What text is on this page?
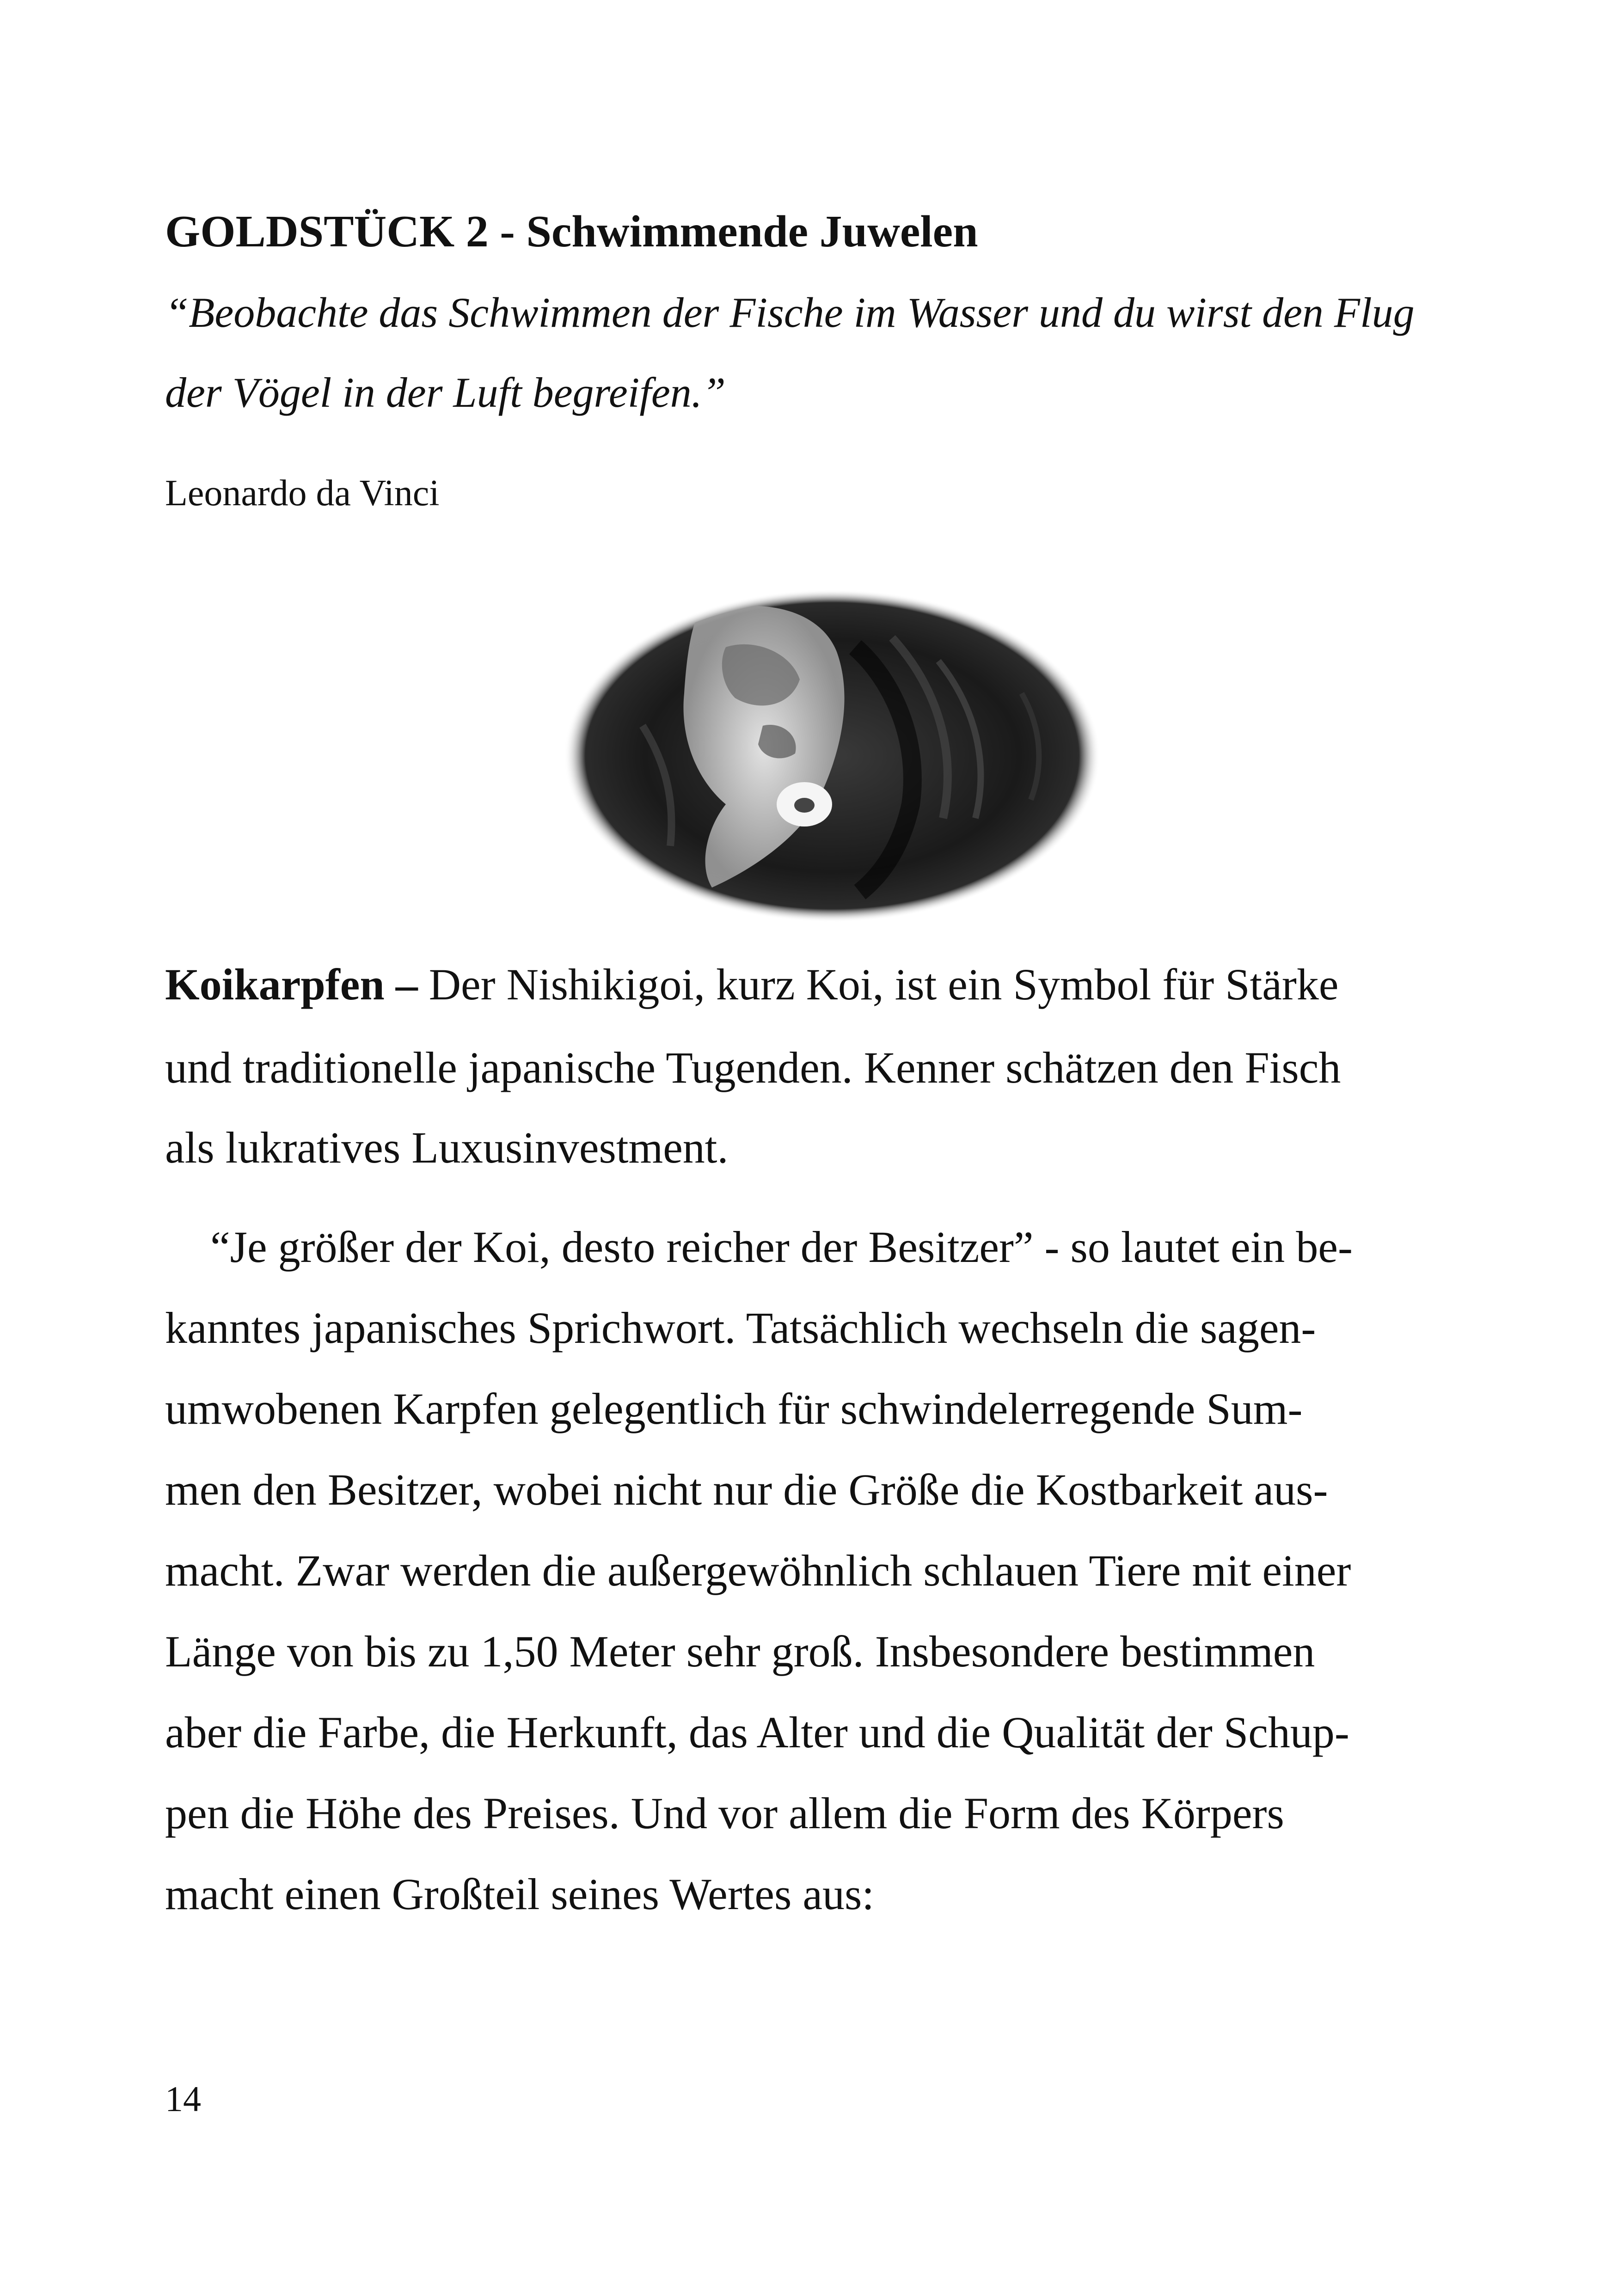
GOLDSTÜCK 2 - Schwimmende Juwelen
“Beobachte das Schwimmen der Fische im Wasser und du wirst den Flug
der Vögel in der Luft begreifen.”
Leonardo da Vinci
Koikarpfen – Der Nishikigoi, kurz Koi, ist ein Symbol für Stärke
und traditionelle japanische Tugenden. Kenner schätzen den Fisch
als lukratives Luxusinvestment.
“Je größer der Koi, desto reicher der Besitzer” - so lautet ein be-
kanntes japanisches Sprichwort. Tatsächlich wechseln die sagen-
umwobenen Karpfen gelegentlich für schwindelerregende Sum-
men den Besitzer, wobei nicht nur die Größe die Kostbarkeit aus-
macht. Zwar werden die außergewöhnlich schlauen Tiere mit einer
Länge von bis zu 1,50 Meter sehr groß. Insbesondere bestimmen
aber die Farbe, die Herkunft, das Alter und die Qualität der Schup-
pen die Höhe des Preises. Und vor allem die Form des Körpers
macht einen Großteil seines Wertes aus:
14
